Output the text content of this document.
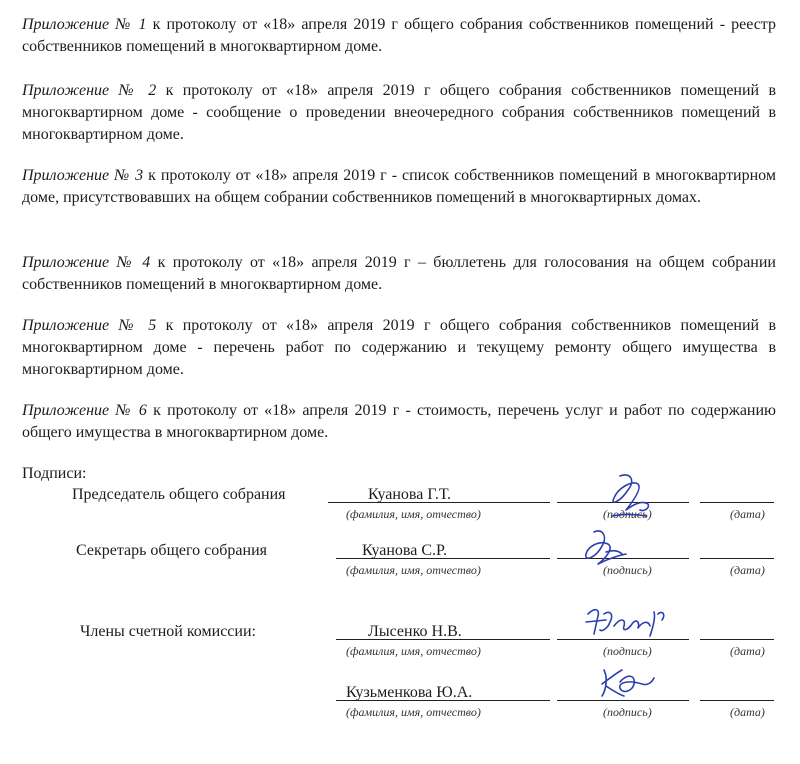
Приложение № 1 к протоколу от «18» апреля 2019 г общего собрания собственников помещений - реестр собственников помещений в многоквартирном доме.

Приложение № 2 к протоколу от «18» апреля 2019 г общего собрания собственников помещений в многоквартирном доме - сообщение о проведении внеочередного собрания собственников помещений в многоквартирном доме.

Приложение № 3 к протоколу от «18» апреля 2019 г - список собственников помещений в многоквартирном доме, присутствовавших на общем собрании собственников помещений в многоквартирных домах.

Приложение № 4 к протоколу от «18» апреля 2019 г – бюллетень для голосования на общем собрании собственников помещений в многоквартирном доме.

Приложение № 5 к протоколу от «18» апреля 2019 г общего собрания собственников помещений в многоквартирном доме - перечень работ по содержанию и текущему ремонту общего имущества в многоквартирном доме.

Приложение № 6 к протоколу от «18» апреля 2019 г - стоимость, перечень услуг и работ по содержанию общего имущества в многоквартирном доме.

Подписи:
Председатель общего собрания	Куанова Г.Т.
(фамилия, имя, отчество)	(подпись)	(дата)
Секретарь общего собрания	Куанова С.Р.
(фамилия, имя, отчество)	(подпись)	(дата)
Члены счетной комиссии:	Лысенко Н.В.
(фамилия, имя, отчество)	(подпись)	(дата)
Кузьменкова Ю.А.
(фамилия, имя, отчество)	(подпись)	(дата)
